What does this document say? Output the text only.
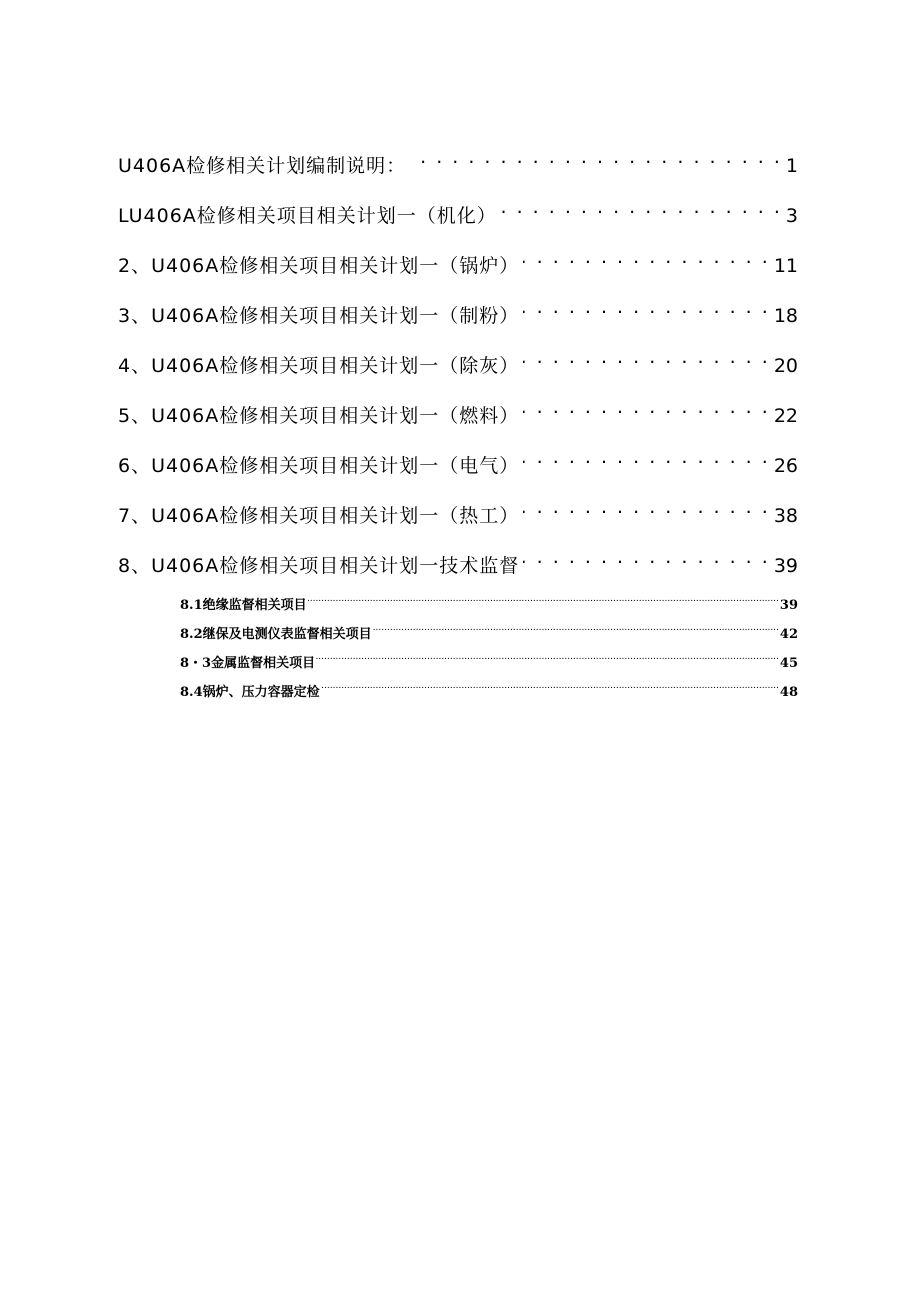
U406A检修相关计划编制说明： . . .	1
LU406A检修相关项目相关计划一（机化） . . .	3
2、U406A检修相关项目相关计划一（锅炉） . . .	11
3、U406A检修相关项目相关计划一（制粉） . . .	18
4、U406A检修相关项目相关计划一（除灰） . . .	20
5、U406A检修相关项目相关计划一（燃料） . . .	22
6、U406A检修相关项目相关计划一（电气） . . .	26
7、U406A检修相关项目相关计划一（热工） . . .	38
8、U406A检修相关项目相关计划一技术监督 . . .	39
8.1绝缘监督相关项目 .....	39
8.2继保及电测仪表监督相关项目 .....	42
8・3金属监督相关项目 .....	45
8.4锅炉、压力容器定检 .....	48
